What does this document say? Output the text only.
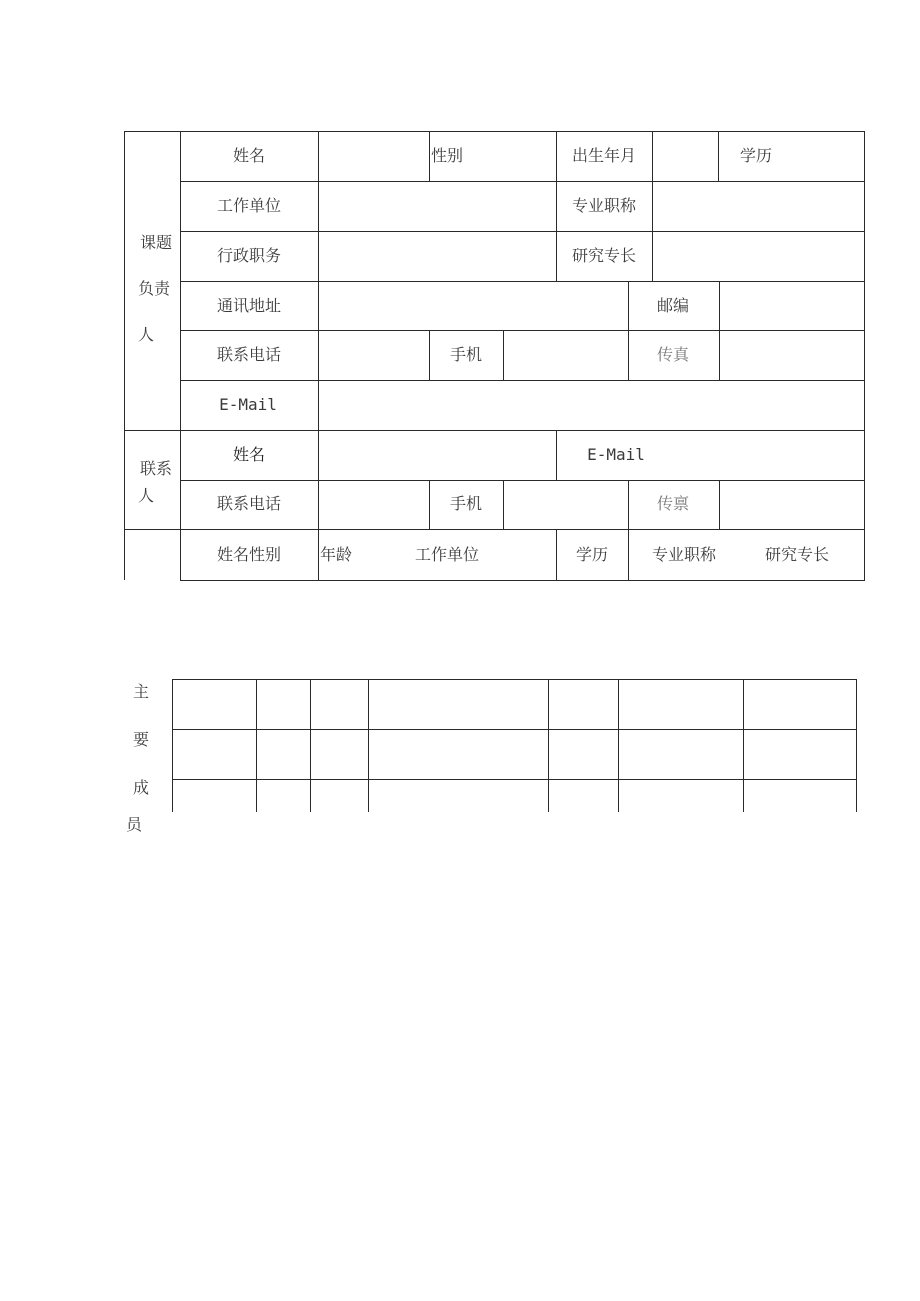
课题
负责
人
姓名	性别	出生年月	学历
工作单位	专业职称
行政职务	研究专长
通讯地址	邮编
联系电话	手机	传真
E-Mail
联系
人
姓名	E-Mail
联系电话	手机	传禀
姓名性别 年龄	工作单位	学历	专业职称	研究专长
主
要
成
员
